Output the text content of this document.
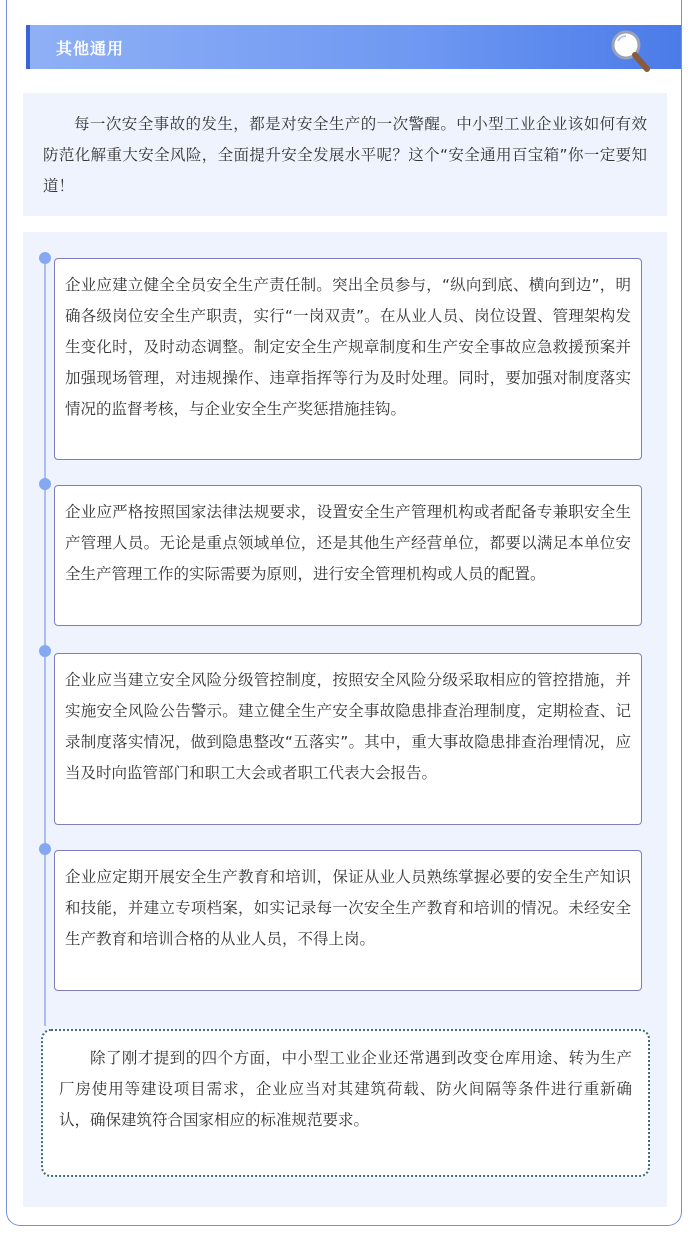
其他通用
每一次安全事故的发生，都是对安全生产的一次警醒。中小型工业企业该如何有效防范化解重大安全风险，全面提升安全发展水平呢？这个“安全通用百宝箱”你一定要知道！
企业应建立健全全员安全生产责任制。突出全员参与，“纵向到底、横向到边”，明确各级岗位安全生产职责，实行“一岗双责”。在从业人员、岗位设置、管理架构发生变化时，及时动态调整。制定安全生产规章制度和生产安全事故应急救援预案并加强现场管理，对违规操作、违章指挥等行为及时处理。同时，要加强对制度落实情况的监督考核，与企业安全生产奖惩措施挂钩。
企业应严格按照国家法律法规要求，设置安全生产管理机构或者配备专兼职安全生产管理人员。无论是重点领域单位，还是其他生产经营单位，都要以满足本单位安全生产管理工作的实际需要为原则，进行安全管理机构或人员的配置。
企业应当建立安全风险分级管控制度，按照安全风险分级采取相应的管控措施，并实施安全风险公告警示。建立健全生产安全事故隐患排查治理制度，定期检查、记录制度落实情况，做到隐患整改“五落实”。其中，重大事故隐患排查治理情况，应当及时向监管部门和职工大会或者职工代表大会报告。
企业应定期开展安全生产教育和培训，保证从业人员熟练掌握必要的安全生产知识和技能，并建立专项档案，如实记录每一次安全生产教育和培训的情况。未经安全生产教育和培训合格的从业人员，不得上岗。
除了刚才提到的四个方面，中小型工业企业还常遇到改变仓库用途、转为生产厂房使用等建设项目需求，企业应当对其建筑荷载、防火间隔等条件进行重新确认，确保建筑符合国家相应的标准规范要求。
